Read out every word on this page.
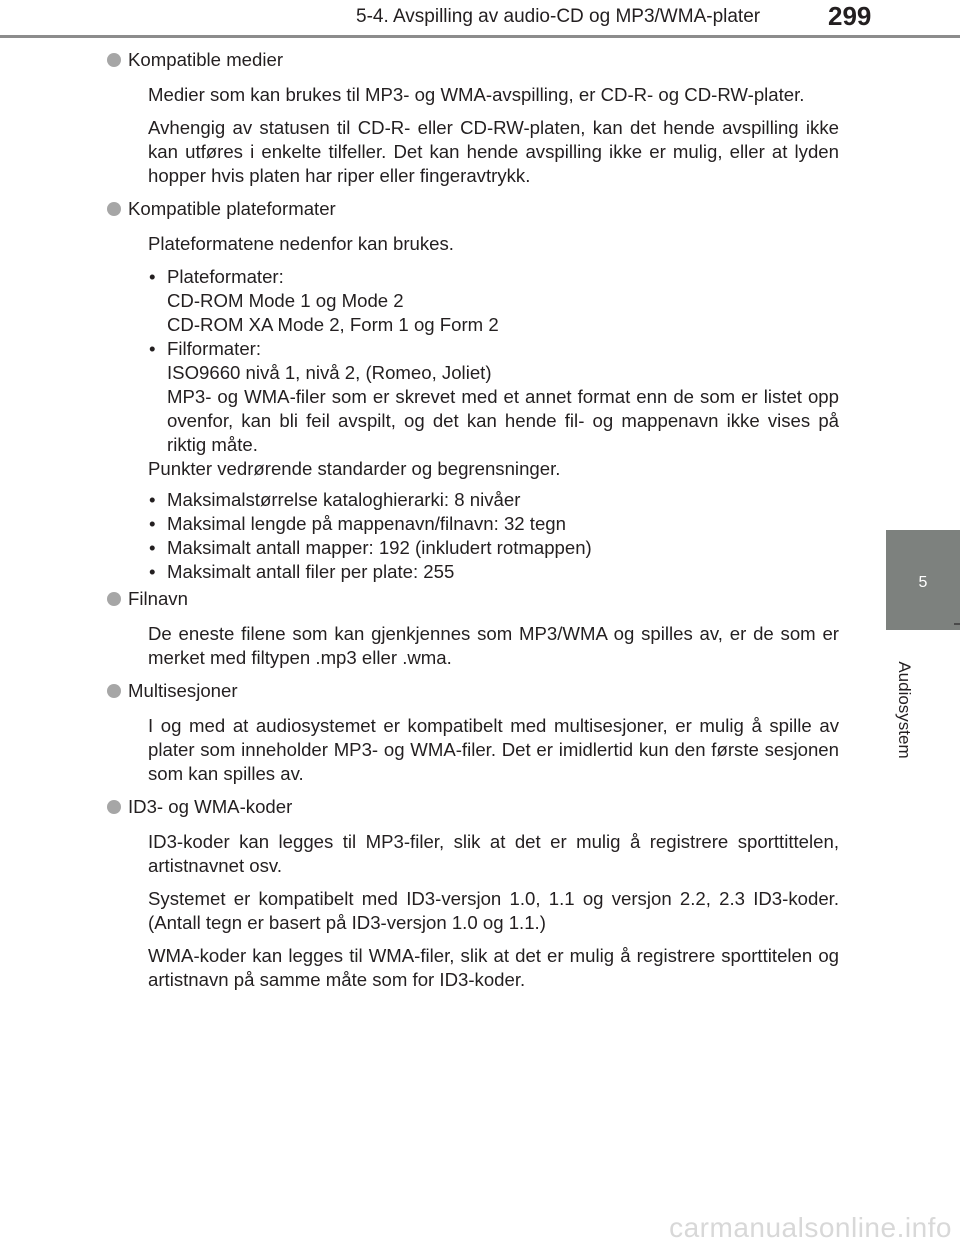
5-4. Avspilling av audio-CD og MP3/WMA-plater	299
5
Audiosystem
Kompatible medier

Medier som kan brukes til MP3- og WMA-avspilling, er CD-R- og CD-RW-plater.

Avhengig av statusen til CD-R- eller CD-RW-platen, kan det hende avspilling ikke kan utføres i enkelte tilfeller. Det kan hende avspilling ikke er mulig, eller at lyden hopper hvis platen har riper eller fingeravtrykk.

Kompatible plateformater

Plateformatene nedenfor kan brukes.

• Plateformater:
CD-ROM Mode 1 og Mode 2
CD-ROM XA Mode 2, Form 1 og Form 2
• Filformater:
ISO9660 nivå 1, nivå 2, (Romeo, Joliet)
MP3- og WMA-filer som er skrevet med et annet format enn de som er listet opp ovenfor, kan bli feil avspilt, og det kan hende fil- og mappenavn ikke vises på riktig måte.

Punkter vedrørende standarder og begrensninger.

• Maksimalstørrelse kataloghierarki: 8 nivåer
• Maksimal lengde på mappenavn/filnavn: 32 tegn
• Maksimalt antall mapper: 192 (inkludert rotmappen)
• Maksimalt antall filer per plate: 255
Filnavn

De eneste filene som kan gjenkjennes som MP3/WMA og spilles av, er de som er merket med filtypen .mp3 eller .wma.

Multisesjoner

I og med at audiosystemet er kompatibelt med multisesjoner, er mulig å spille av plater som inneholder MP3- og WMA-filer. Det er imidlertid kun den første sesjonen som kan spilles av.

ID3- og WMA-koder

ID3-koder kan legges til MP3-filer, slik at det er mulig å registrere sporttittelen, artistnavnet osv.

Systemet er kompatibelt med ID3-versjon 1.0, 1.1 og versjon 2.2, 2.3 ID3-koder. (Antall tegn er basert på ID3-versjon 1.0 og 1.1.)

WMA-koder kan legges til WMA-filer, slik at det er mulig å registrere sporttitelen og artistnavn på samme måte som for ID3-koder.

carmanualsonline.info
